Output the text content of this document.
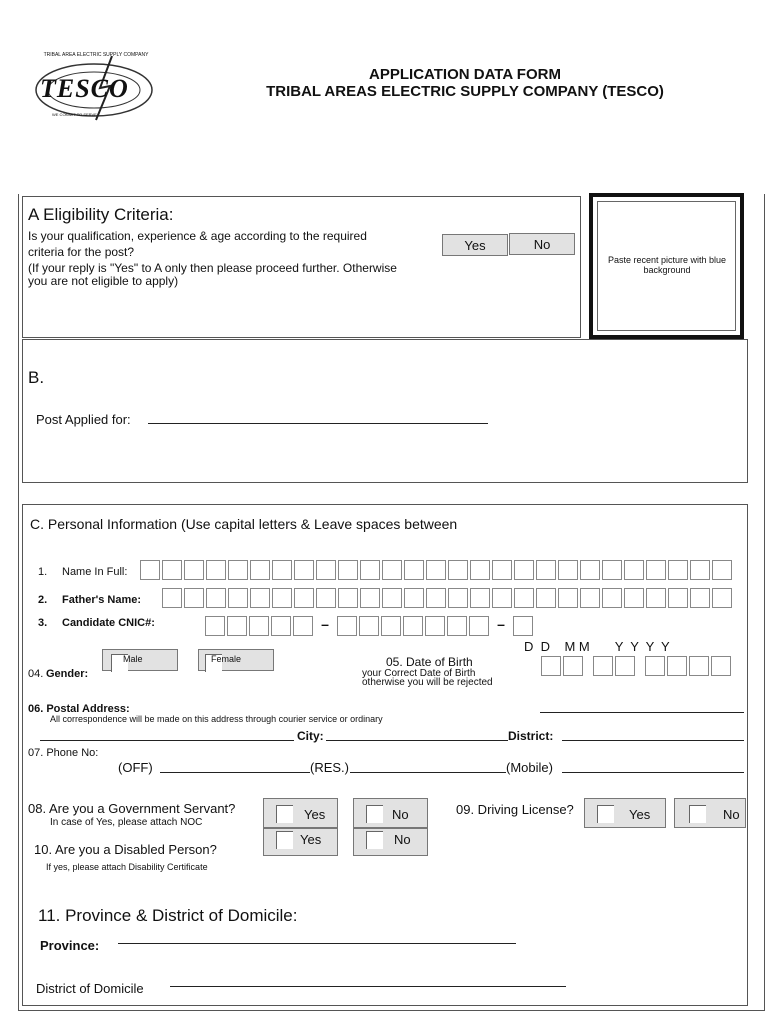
TESCO
TRIBAL AREA ELECTRIC SUPPLY COMPANY
WE COMMIT TO SERVE
APPLICATION DATA FORM
TRIBAL AREAS ELECTRIC SUPPLY COMPANY (TESCO)
A Eligibility Criteria:
Is your qualification, experience & age according to the required
criteria for the post?
(If your reply is "Yes" to A only then please proceed further. Otherwise
you are not eligible to apply)
Yes	No
Paste recent picture with blue background
B.
Post Applied for:
C. Personal Information (Use capital letters & Leave spaces between
1. Name In Full:
2. Father's Name:
3. Candidate CNIC#:	–	–
D  D    M M       Y  Y  Y  Y
Male	Female
04. Gender:
05. Date of Birth
your Correct Date of Birth
otherwise you will be rejected
06. Postal Address:
All correspondence will be made on this address through courier service or ordinary
City:	District:
07. Phone No:
(OFF)	(RES.)	(Mobile)
08. Are you a Government Servant?
In case of Yes, please attach NOC
Yes	No	09. Driving License?	Yes	No
Yes	No
10. Are you a Disabled Person?
If yes, please attach Disability Certificate
11. Province & District of Domicile:
Province:
District of Domicile
